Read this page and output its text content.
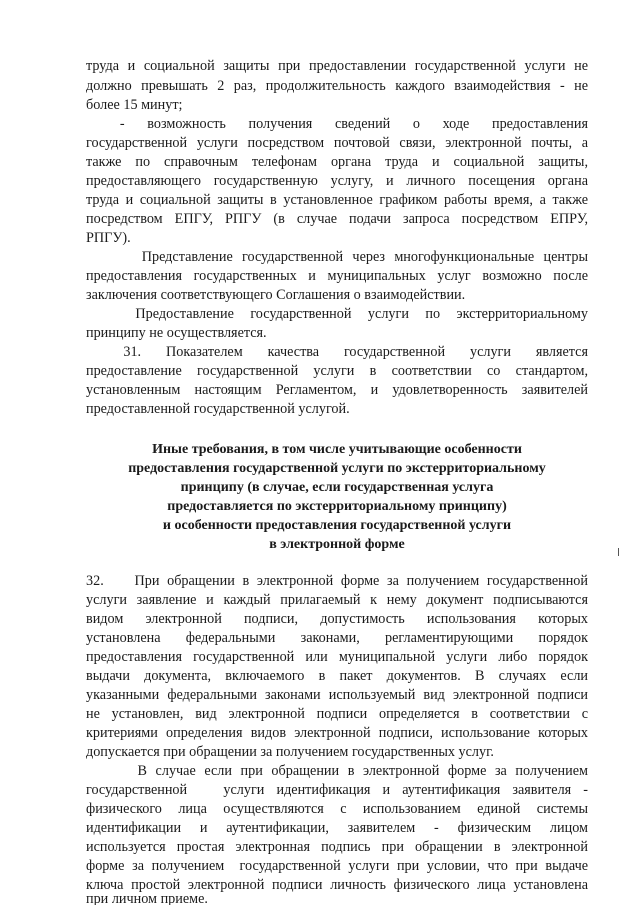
труда и социальной защиты при предоставлении государственной услуги не
должно превышать 2 раз, продолжительность каждого взаимодействия - не
более 15 минут;
-    возможность    получения    сведений    о    ходе    предоставления
государственной услуги посредством почтовой связи, электронной почты, а
также  по  справочным  телефонам  органа  труда  и  социальной  защиты,
предоставляющего государственную услугу, и личного посещения органа
труда и социальной защиты в установленное графиком работы время, а также
посредством ЕПГУ, РПГУ (в случае подачи запроса посредством ЕПРУ,
РПГУ).
Представление государственной через многофункциональные центры
предоставления государственных и муниципальных услуг возможно после
заключения соответствующего Соглашения о взаимодействии.
Предоставление  государственной  услуги  по  экстерриториальному
принципу не осуществляется.
31.    Показателем    качества    государственной    услуги    является
предоставление государственной услуги в соответствии со стандартом,
установленным настоящим Регламентом, и удовлетворенность заявителей
предоставленной государственной услугой.
Иные требования, в том числе учитывающие особенности
предоставления государственной услуги по экстерриториальному
принципу (в случае, если государственная услуга
предоставляется по экстерриториальному принципу)
и особенности предоставления государственной услуги
в электронной форме
32.    При обращении в электронной форме за получением государственной
услуги заявление и каждый прилагаемый к нему документ подписываются
видом    электронной    подписи,    допустимость    использования    которых
установлена    федеральными    законами,    регламентирующими    порядок
предоставления государственной или муниципальной услуги либо порядок
выдачи  документа,  включаемого  в  пакет  документов.  В  случаях  если
указанными федеральными законами используемый вид электронной подписи
не  установлен,  вид  электронной  подписи  определяется  в  соответствии  с
критериями определения видов электронной подписи, использование которых
допускается при обращении за получением государственных услуг.
В случае если при обращении в электронной форме за получением
государственной   услуги идентификация и аутентификация заявителя -
физического  лица  осуществляются  с  использованием  единой  системы
идентификации  и  аутентификации,  заявителем  -  физическим  лицом
используется простая электронная подпись при обращении в электронной
форме за получением  государственной услуги при условии, что при выдаче
ключа простой электронной подписи личность физического лица установлена
при личном приеме.
